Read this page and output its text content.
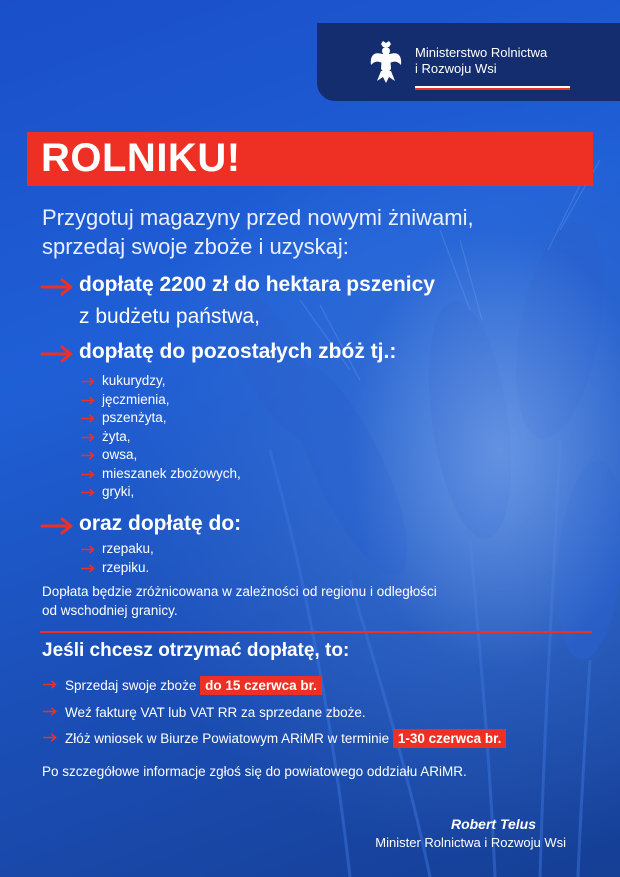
Ministerstwo Rolnictwa
i Rozwoju Wsi
ROLNIKU!
Przygotuj magazyny przed nowymi żniwami,
sprzedaj swoje zboże i uzyskaj:
dopłatę 2200 zł do hektara pszenicy
z budżetu państwa,
dopłatę do pozostałych zbóż tj.:
kukurydzy,
jęczmienia,
pszenżyta,
żyta,
owsa,
mieszanek zbożowych,
gryki,
oraz dopłatę do:
rzepaku,
rzepiku.
Dopłata będzie zróżnicowana w zależności od regionu i odległości
od wschodniej granicy.
Jeśli chcesz otrzymać dopłatę, to:
Sprzedaj swoje zboże do 15 czerwca br.
Weź fakturę VAT lub VAT RR za sprzedane zboże.
Złóż wniosek w Biurze Powiatowym ARiMR w terminie 1-30 czerwca br.
Po szczegółowe informacje zgłoś się do powiatowego oddziału ARiMR.
Robert Telus
Minister Rolnictwa i Rozwoju Wsi
